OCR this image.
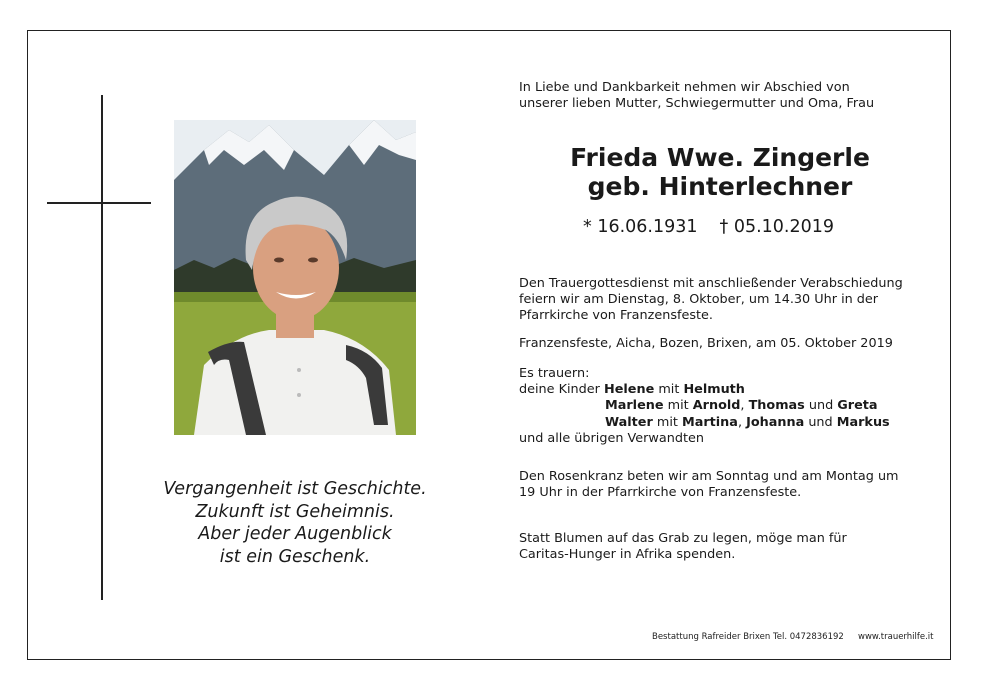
Vergangenheit ist Geschichte.
Zukunft ist Geheimnis.
Aber jeder Augenblick
ist ein Geschenk.
In Liebe und Dankbarkeit nehmen wir Abschied von
unserer lieben Mutter, Schwiegermutter und Oma, Frau
Frieda Wwe. Zingerle
geb. Hinterlechner
* 16.06.1931 † 05.10.2019
Den Trauergottesdienst mit anschließender Verabschiedung
feiern wir am Dienstag, 8. Oktober, um 14.30 Uhr in der
Pfarrkirche von Franzensfeste.
Franzensfeste, Aicha, Bozen, Brixen, am 05. Oktober 2019
Es trauern:
deine Kinder Helene mit Helmuth
Marlene mit Arnold, Thomas und Greta
Walter mit Martina, Johanna und Markus
und alle übrigen Verwandten
Den Rosenkranz beten wir am Sonntag und am Montag um
19 Uhr in der Pfarrkirche von Franzensfeste.
Statt Blumen auf das Grab zu legen, möge man für
Caritas-Hunger in Afrika spenden.
Bestattung Rafreider Brixen Tel. 0472836192 www.trauerhilfe.it
